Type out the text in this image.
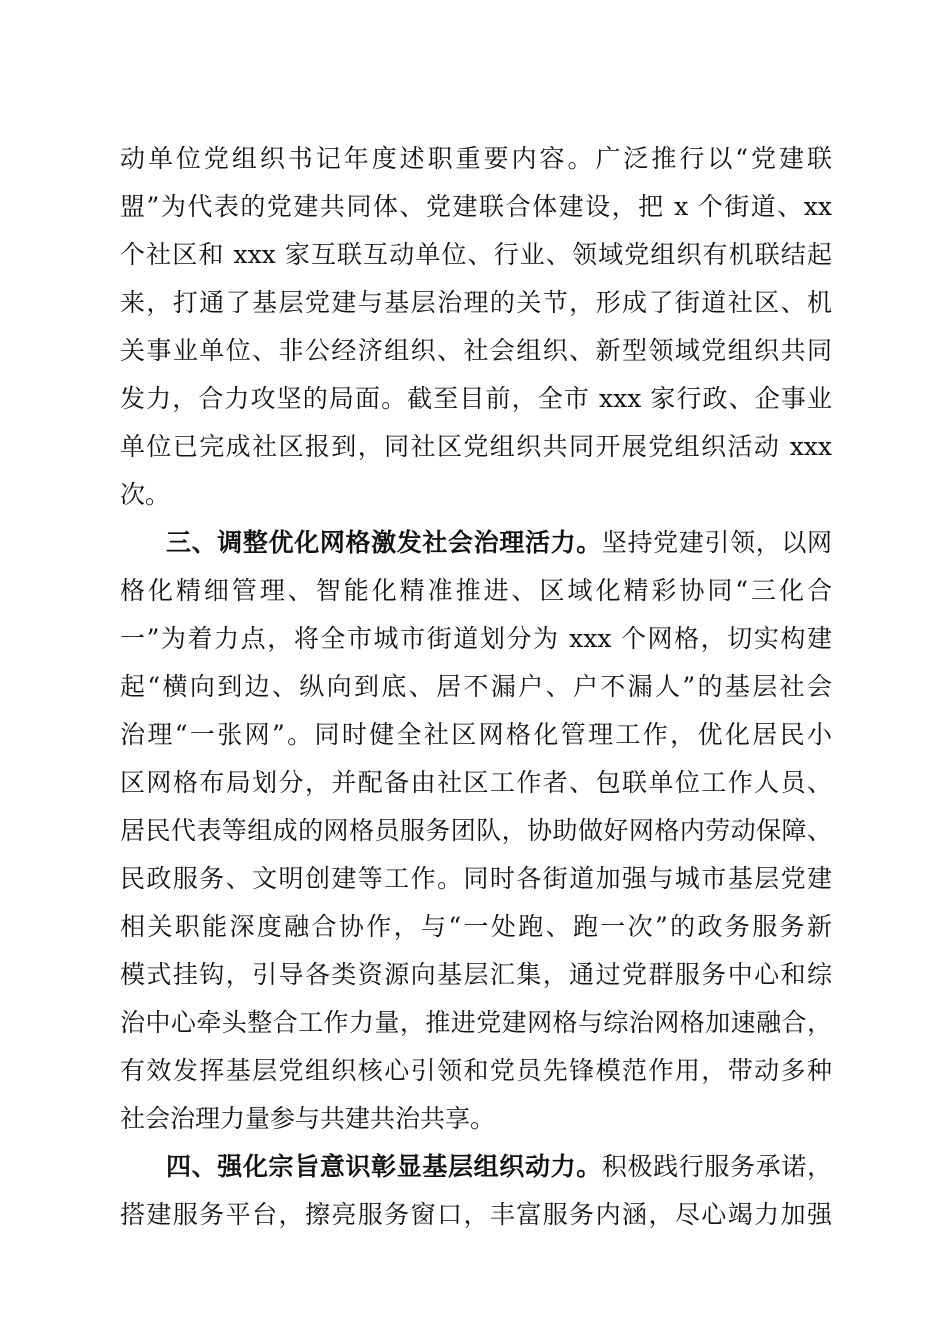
动单位党组织书记年度述职重要内容。广泛推行以“党建联
盟”为代表的党建共同体、党建联合体建设，把 x 个街道、xx
个社区和 xxx 家互联互动单位、行业、领域党组织有机联结起
来，打通了基层党建与基层治理的关节，形成了街道社区、机
关事业单位、非公经济组织、社会组织、新型领域党组织共同
发力，合力攻坚的局面。截至目前，全市 xxx 家行政、企事业
单位已完成社区报到，同社区党组织共同开展党组织活动 xxx
次。
三、调整优化网格激发社会治理活力。坚持党建引领，以网
格化精细管理、智能化精准推进、区域化精彩协同“三化合
一”为着力点，将全市城市街道划分为 xxx 个网格，切实构建
起“横向到边、纵向到底、居不漏户、户不漏人”的基层社会
治理“一张网”。同时健全社区网格化管理工作，优化居民小
区网格布局划分，并配备由社区工作者、包联单位工作人员、
居民代表等组成的网格员服务团队，协助做好网格内劳动保障、
民政服务、文明创建等工作。同时各街道加强与城市基层党建
相关职能深度融合协作，与“一处跑、跑一次”的政务服务新
模式挂钩，引导各类资源向基层汇集，通过党群服务中心和综
治中心牵头整合工作力量，推进党建网格与综治网格加速融合，
有效发挥基层党组织核心引领和党员先锋模范作用，带动多种
社会治理力量参与共建共治共享。
四、强化宗旨意识彰显基层组织动力。积极践行服务承诺，
搭建服务平台，擦亮服务窗口，丰富服务内涵，尽心竭力加强
